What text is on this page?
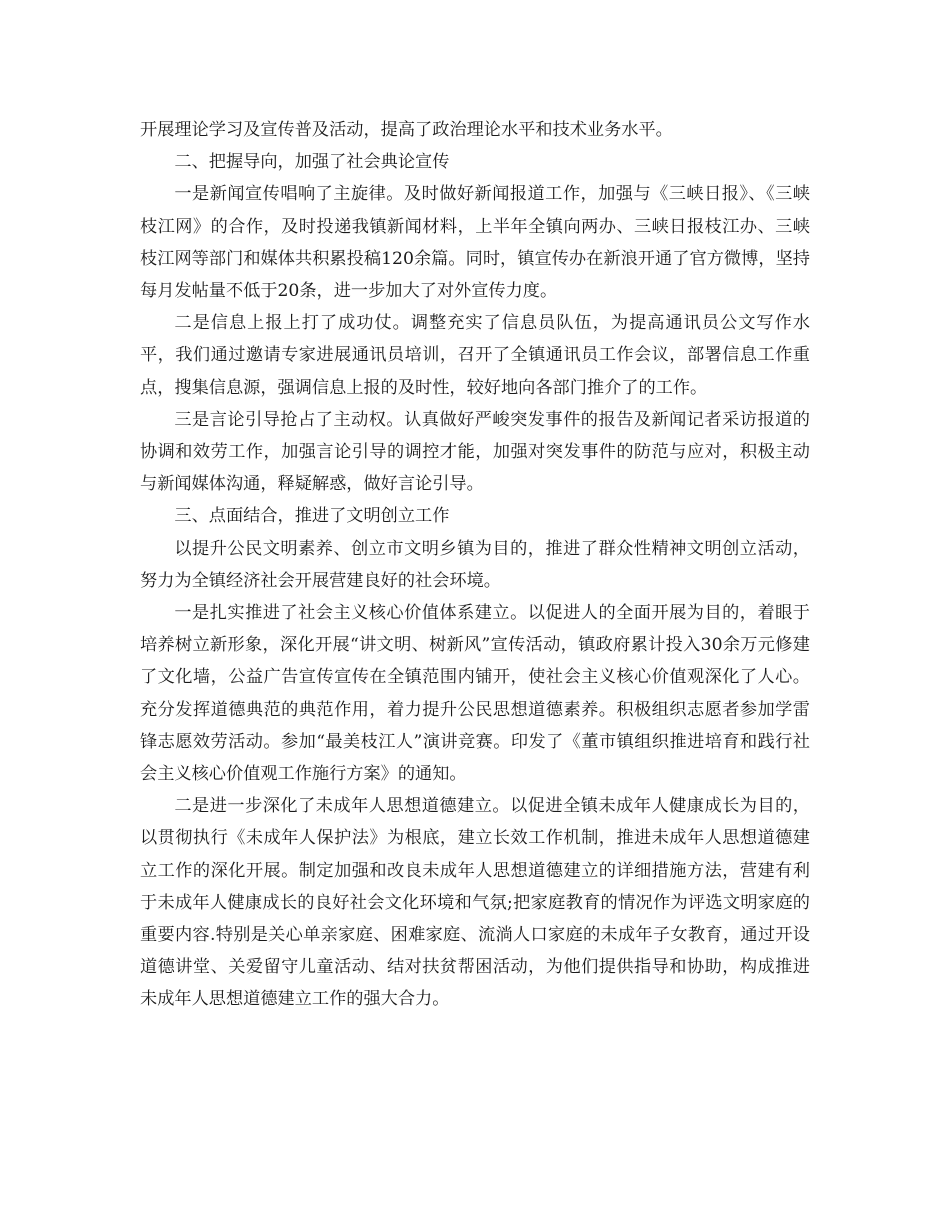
开展理论学习及宣传普及活动，提高了政治理论水平和技术业务水平。

二、把握导向，加强了社会典论宣传

一是新闻宣传唱响了主旋律。及时做好新闻报道工作，加强与《三峡日报》、《三峡枝江网》的合作，及时投递我镇新闻材料，上半年全镇向两办、三峡日报枝江办、三峡枝江网等部门和媒体共积累投稿120余篇。同时，镇宣传办在新浪开通了官方微博，坚持每月发帖量不低于20条，进一步加大了对外宣传力度。

二是信息上报上打了成功仗。调整充实了信息员队伍，为提高通讯员公文写作水平，我们通过邀请专家进展通讯员培训，召开了全镇通讯员工作会议，部署信息工作重点，搜集信息源，强调信息上报的及时性，较好地向各部门推介了的工作。

三是言论引导抢占了主动权。认真做好严峻突发事件的报告及新闻记者采访报道的协调和效劳工作，加强言论引导的调控才能，加强对突发事件的防范与应对，积极主动与新闻媒体沟通，释疑解惑，做好言论引导。

三、点面结合，推进了文明创立工作

以提升公民文明素养、创立市文明乡镇为目的，推进了群众性精神文明创立活动，努力为全镇经济社会开展营建良好的社会环境。

一是扎实推进了社会主义核心价值体系建立。以促进人的全面开展为目的，着眼于培养树立新形象，深化开展“讲文明、树新风”宣传活动，镇政府累计投入30余万元修建了文化墙，公益广告宣传宣传在全镇范围内铺开，使社会主义核心价值观深化了人心。充分发挥道德典范的典范作用，着力提升公民思想道德素养。积极组织志愿者参加学雷锋志愿效劳活动。参加“最美枝江人”演讲竞赛。印发了《董市镇组织推进培育和践行社会主义核心价值观工作施行方案》的通知。

二是进一步深化了未成年人思想道德建立。以促进全镇未成年人健康成长为目的，以贯彻执行《未成年人保护法》为根底，建立长效工作机制，推进未成年人思想道德建立工作的深化开展。制定加强和改良未成年人思想道德建立的详细措施方法，营建有利于未成年人健康成长的良好社会文化环境和气氛;把家庭教育的情况作为评选文明家庭的重要内容.特别是关心单亲家庭、困难家庭、流淌人口家庭的未成年子女教育，通过开设道德讲堂、关爱留守儿童活动、结对扶贫帮困活动，为他们提供指导和协助，构成推进未成年人思想道德建立工作的强大合力。
